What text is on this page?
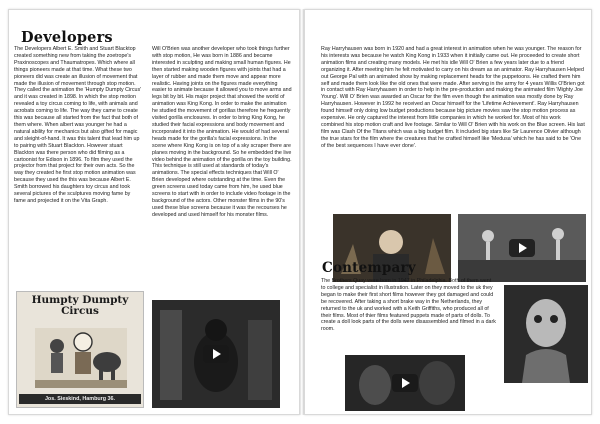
Developers

The Developers Albert E. Smith and Stuart Blacktop created something new from taking the zoetrope's Praxinoscopes and Thaumatropes. Which where all things pioneers made at that time. What these two pioneers did was create an illusion of movement that made the illusion of movement through stop motion. They called the animation the 'Humpty Dumpty Circus' and it was created in 1898. In which the stop motion revealed a toy circus coming to life, with animals and acrobats coming to life. The way they came to create this was because all started from the fact that both of them where. When albert was younger he had a natural ability for mechanics but also gifted for magic and sleight-of-hand. It was this talent that lead him up to pairing with Stuart Blackton. However stuart Blackton was there person who did filming as a cartoonist for Edison in 1896. To film they used the projector from that project for their own acts. So the way they created he first stop motion animation was because they used the this was because Albert E. Smith borrowed his daughters toy circus and took several pictures of the sculptures moving fame by fame and projected it on the Vita Graph.

Will O'Brien was another developer who took things further with stop motion, He was born in 1886 and became interested in sculpting and making small human figures. He then started making wooden figures with joints that had a layer of rubber and made them move and appear more realistic. Having joints on the figures made everything easier to animate because it allowed you to move arms and legs bit by bit. His major project that showed the world of animation was King Kong. In order to make the animation he studied the movement of gorillas therefore he frequently visited gorilla enclosures. In order to bring King Kong, he studied their facial expressions and body movement and incorporated it into the animation. He would of had several heads made for the gorilla's facial expressions. In the scene where King Kong is on top of a sky scraper there are planes moving in the background. So he embedded the live video behind the animation of the gorilla on the toy building. This technique is still used at standards of today's animations. The special effects techniques that Will O' Brien developed where outstanding at the time. Even the green screens used today came from him, he used blue screens to start with in order to include video footage in the background of the actors. Other monster films in the 90's used these blue screens because it was the recourses he developed and used himself for his monster films.

Humpty Dumpty Circus
Jos. Sieskind, Hamburg 36.

Ray Harryhausen was born in 1920 and had a great interest in animation when he was younger. The reason for his interests was because he watch King Kong in 1933 when it initially came out. He proceeded to create short animation films and creating many models. He met his idle Will O' Brien a few years later due to a friend organizing it. After meeting him he felt motivated to carry on his dream as an animator. Ray Harryhausen Helped out George Pal with an animated show by making replacement heads for the puppetoons. He crafted them him self and made them look like the old ones that were made. After serving in the army for 4 years Willis O'Brien got in contact with Ray Harryhausen in order to help in the pre-production and making the animated film 'Mighty Joe Young'. Will O' Brien was awarded an Oscar for the film even though the animation was mostly done by Ray Harryhausen. However in 1992 he received an Oscar himself for the 'Lifetime Achievement'. Ray Harryhausen found himself only doing low budget productions because big picture movies saw the stop motion process as expensive. He only captured the interest from little companies in which he worked for. Most of his work combined his stop motion craft and live footage. Similar to Will O' Brien with his work on the Blue screen. His last film was Clash Of the Titans which was a big budget film. It included big stars like Sir Laurence Olivier although the true stars for the film where the creatures that he crafted himself like 'Medusa' which he has said to be 'One of the best sequences I have ever done'.

Contempary

The Brothers Quay were born in 1947 in Philadelphia. Both of them went to college and specialist in illustration. Later on they moved to the uk they began to make their first short films however they got damaged and could be recovered. After taking a short brake way in the Netherlands, they returned to the uk and worked with a Keith Griffiths, who produced all of their films. Most of thier films featured puppets made of parts of dolls. To create a doll look parts of the dolls were disassembled and filmed in a dark room.
